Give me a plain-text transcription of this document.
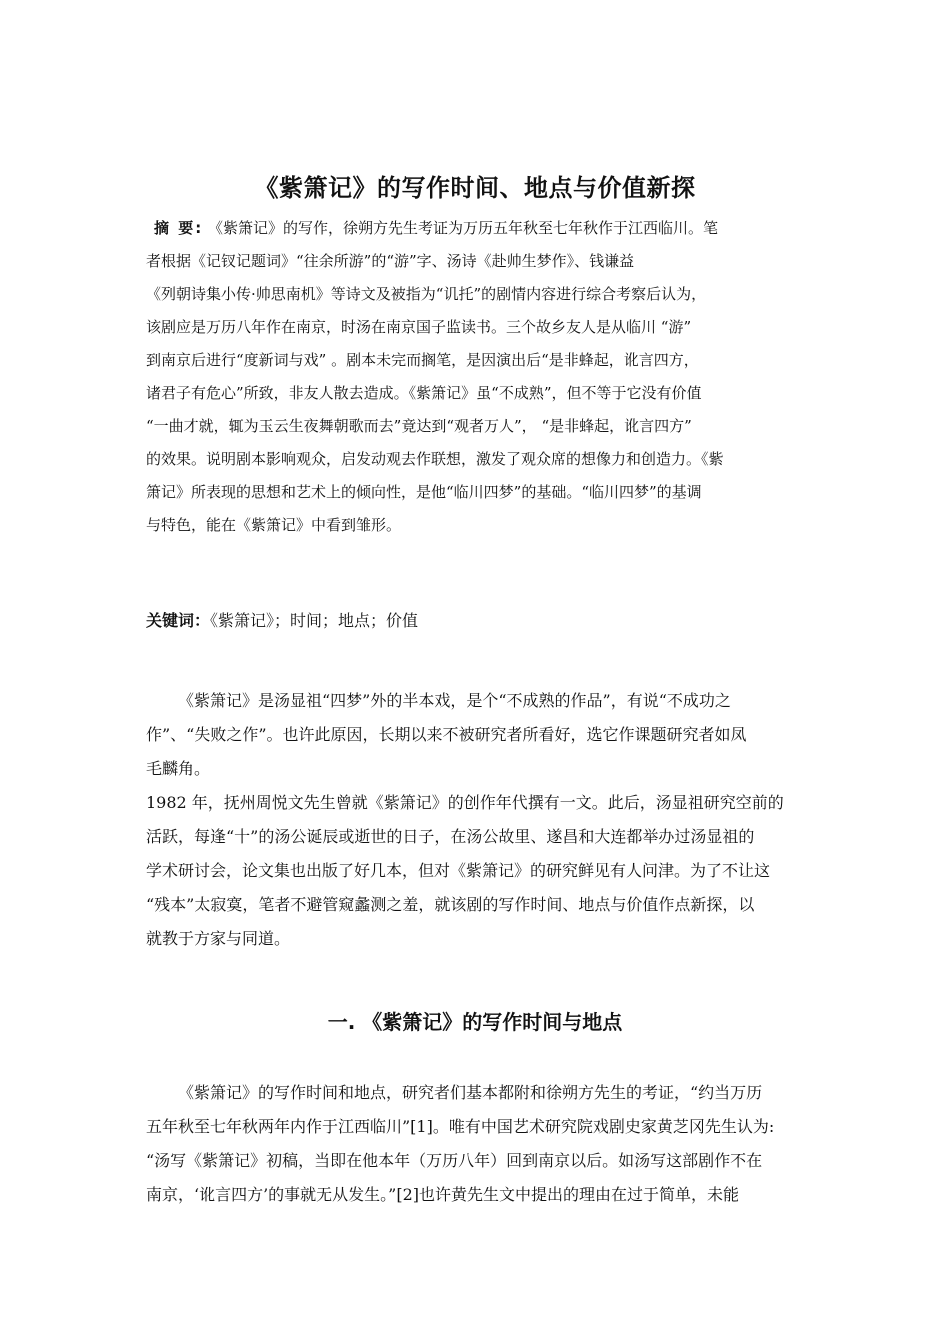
《紫箫记》的写作时间、地点与价值新探
摘 要: 《紫箫记》的写作，徐朔方先生考证为万历五年秋至七年秋作于江西临川。笔
者根据《记钗记题词》“往余所游”的“游”字、汤诗《赴帅生梦作》、钱谦益
《列朝诗集小传·帅思南机》等诗文及被指为“讥托”的剧情内容进行综合考察后认为，
该剧应是万历八年作在南京，时汤在南京国子监读书。三个故乡友人是从临川 “游”
到南京后进行“度新词与戏” 。剧本未完而搁笔，是因演出后“是非蜂起，讹言四方，
诸君子有危心”所致，非友人散去造成。《紫箫记》虽“不成熟”，但不等于它没有价值
“一曲才就，辄为玉云生夜舞朝歌而去”竟达到“观者万人”， “是非蜂起，讹言四方”
的效果。说明剧本影响观众，启发动观去作联想，激发了观众席的想像力和创造力。《紫
箫记》所表现的思想和艺术上的倾向性，是他“临川四梦”的基础。“临川四梦”的基调
与特色，能在《紫箫记》中看到雏形。
关键词：《紫箫记》；时间；地点；价值
《紫箫记》是汤显祖“四梦”外的半本戏，是个“不成熟的作品”，有说“不成功之
作”、“失败之作”。也许此原因，长期以来不被研究者所看好，选它作课题研究者如凤
毛麟角。
1982 年，抚州周悦文先生曾就《紫箫记》的创作年代撰有一文。此后，汤显祖研究空前的
活跃，每逢“十”的汤公诞辰或逝世的日子，在汤公故里、遂昌和大连都举办过汤显祖的
学术研讨会，论文集也出版了好几本，但对《紫箫记》的研究鲜见有人问津。为了不让这
“残本”太寂寞，笔者不避管窥蠡测之羞，就该剧的写作时间、地点与价值作点新探，以
就教于方家与同道。
一. 《紫箫记》的写作时间与地点
《紫箫记》的写作时间和地点，研究者们基本都附和徐朔方先生的考证，“约当万历
五年秋至七年秋两年内作于江西临川”[1]。唯有中国艺术研究院戏剧史家黄芝冈先生认为:
“汤写《紫箫记》初稿，当即在他本年（万历八年）回到南京以后。如汤写这部剧作不在
南京，‘讹言四方’的事就无从发生。”[2]也许黄先生文中提出的理由在过于简单，未能
